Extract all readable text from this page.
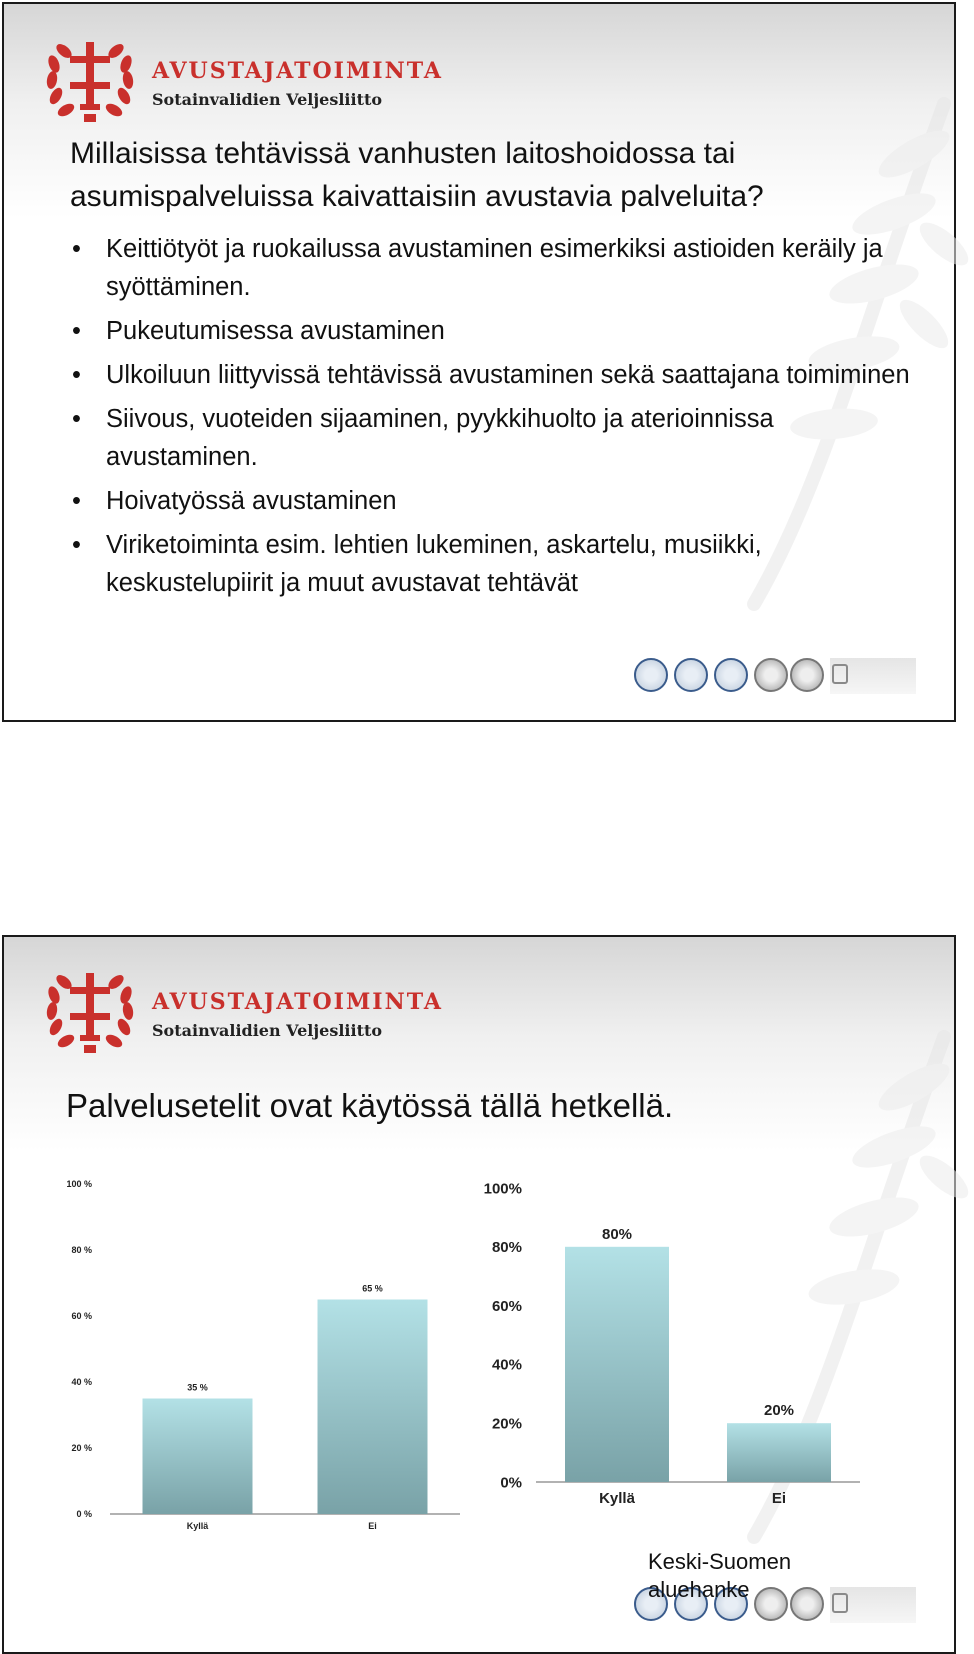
AVUSTAJATOIMINTA
Sotainvalidien Veljesliitto
Millaisissa tehtävissä vanhusten laitoshoidossa tai asumispalveluissa kaivattaisiin avustavia palveluita?
• Keittiötyöt ja ruokailussa avustaminen esimerkiksi astioiden keräily ja syöttäminen.
• Pukeutumisessa avustaminen
• Ulkoiluun liittyvissä tehtävissä avustaminen sekä saattajana toimiminen
• Siivous, vuoteiden sijaaminen, pyykkihuolto ja aterioinnissa avustaminen.
• Hoivatyössä avustaminen
• Viriketoiminta esim. lehtien lukeminen, askartelu, musiikki, keskustelupiirit ja muut avustavat tehtävät
AVUSTAJATOIMINTA
Sotainvalidien Veljesliitto
Palvelusetelit ovat käytössä tällä hetkellä.
0 %
20 %
40 %
60 %
80 %
100 %
35 %
Kyllä
65 %
Ei
0%
20%
40%
60%
80%
100%
80%
Kyllä
20%
Ei
Keski-Suomen aluehanke
